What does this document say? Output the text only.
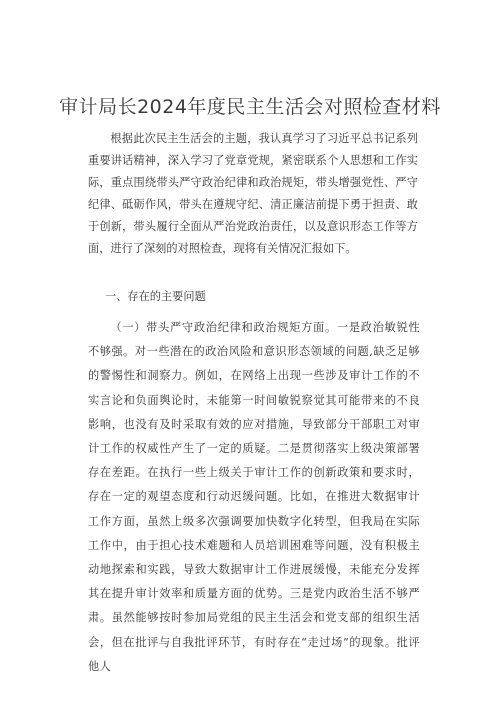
审计局长2024年度民主生活会对照检查材料

根据此次民主生活会的主题，我认真学习了习近平总书记系列重要讲话精神，深入学习了党章党规，紧密联系个人思想和工作实际，重点围绕带头严守政治纪律和政治规矩，带头增强党性、严守纪律、砥砺作风，带头在遵规守纪、清正廉洁前提下勇于担责、敢于创新，带头履行全面从严治党政治责任，以及意识形态工作等方面，进行了深刻的对照检查，现将有关情况汇报如下。

一、存在的主要问题

（一）带头严守政治纪律和政治规矩方面。一是政治敏锐性不够强。对一些潜在的政治风险和意识形态领域的问题,缺乏足够的警惕性和洞察力。例如，在网络上出现一些涉及审计工作的不实言论和负面舆论时，未能第一时间敏锐察觉其可能带来的不良影响，也没有及时采取有效的应对措施，导致部分干部职工对审计工作的权威性产生了一定的质疑。二是贯彻落实上级决策部署存在差距。在执行一些上级关于审计工作的创新政策和要求时，存在一定的观望态度和行动迟缓问题。比如，在推进大数据审计工作方面，虽然上级多次强调要加快数字化转型，但我局在实际工作中，由于担心技术难题和人员培训困难等问题，没有积极主动地探索和实践，导致大数据审计工作进展缓慢，未能充分发挥其在提升审计效率和质量方面的优势。三是党内政治生活不够严肃。虽然能够按时参加局党组的民主生活会和党支部的组织生活会，但在批评与自我批评环节，有时存在“走过场”的现象。批评他人
